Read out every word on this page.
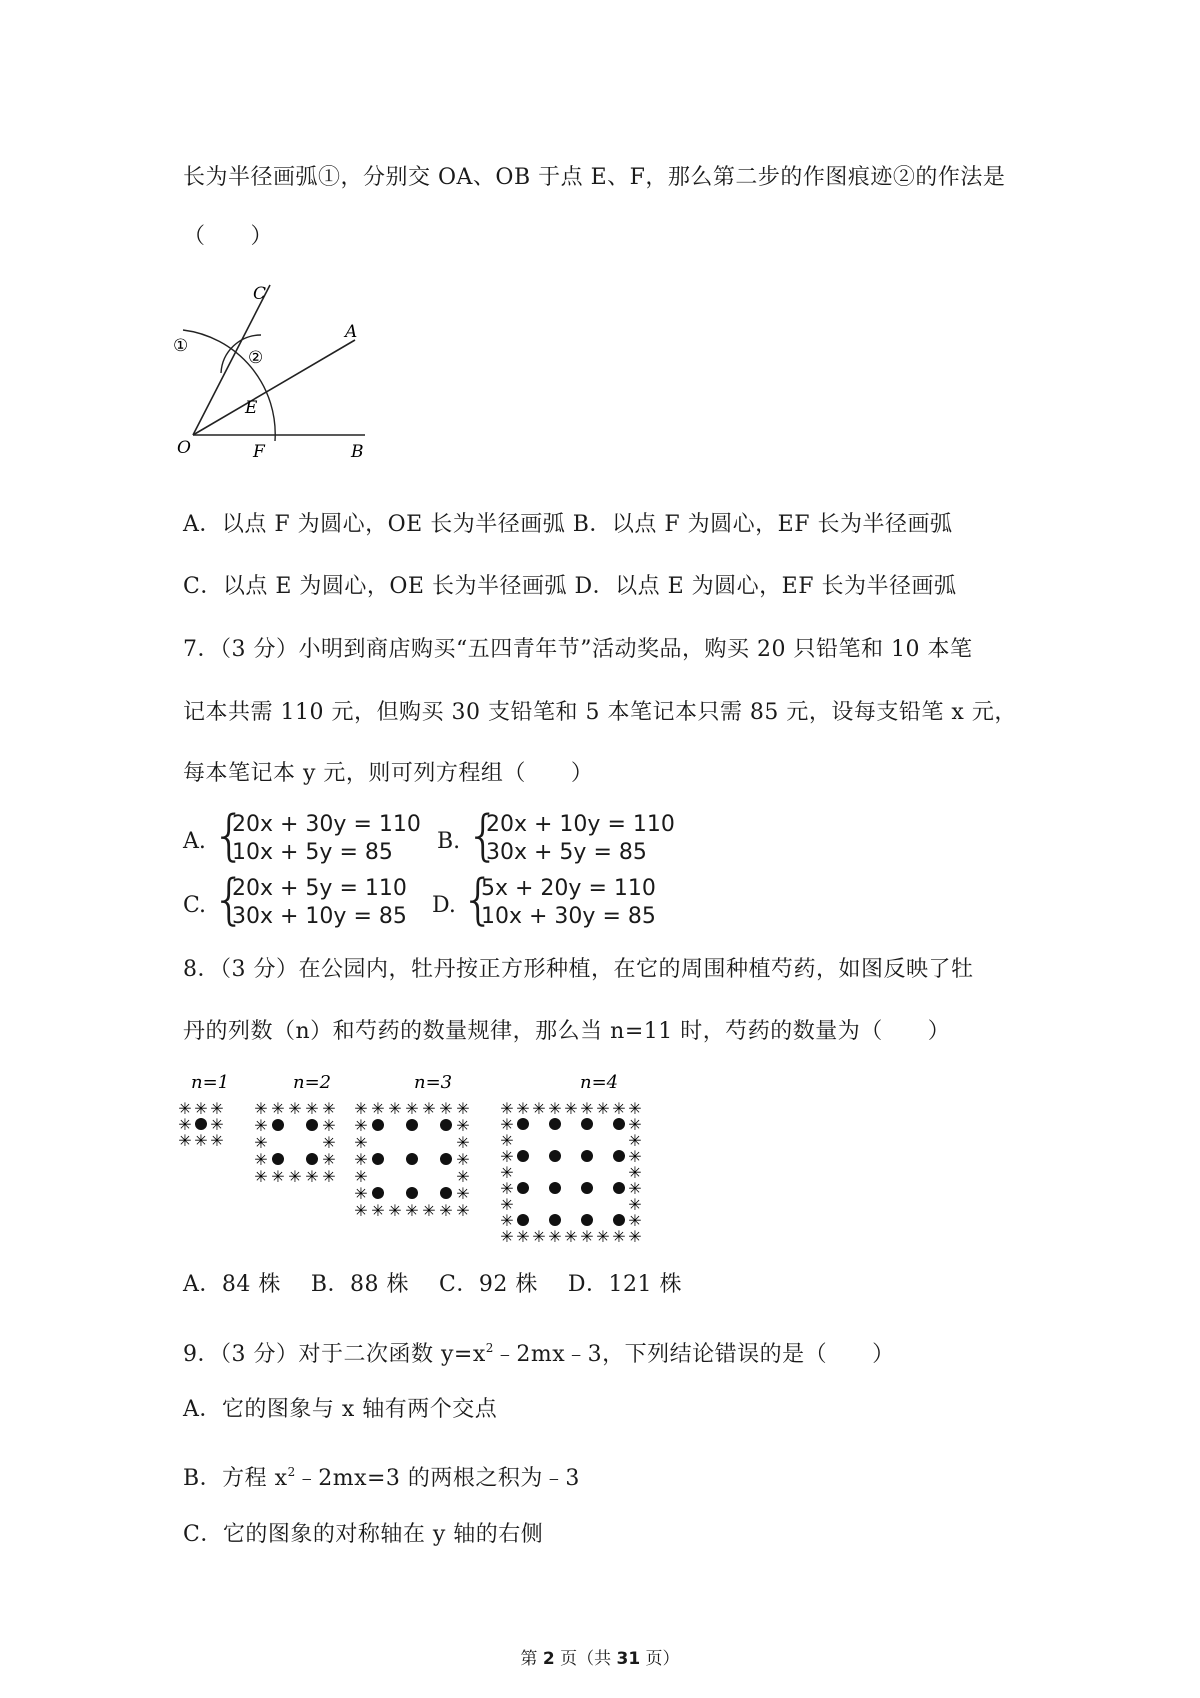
长为半径画弧①，分别交 OA、OB 于点 E、F，那么第二步的作图痕迹②的作法是
（　　）
C
A
①
②
E
O	F	B
A．以点 F 为圆心，OE 长为半径画弧 B．以点 F 为圆心，EF 长为半径画弧
C．以点 E 为圆心，OE 长为半径画弧 D．以点 E 为圆心，EF 长为半径画弧
7．（3 分）小明到商店购买“五四青年节”活动奖品，购买 20 只铅笔和 10 本笔
记本共需 110 元，但购买 30 支铅笔和 5 本笔记本只需 85 元，设每支铅笔 x 元，
每本笔记本 y 元，则可列方程组（　　）
A. {
20x + 30y = 110
10x + 5y = 85 B. {
20x + 10y = 110
30x + 5y = 85
C. {
20x + 5y = 110
30x + 10y = 85 D. {
5x + 20y = 110
10x + 30y = 85
8．（3 分）在公园内，牡丹按正方形种植，在它的周围种植芍药，如图反映了牡
丹的列数（n）和芍药的数量规律，那么当 n=11 时，芍药的数量为（　　）
n=1	n=2	n=3	n=4
✳ ✳ ✳
✳ ✳
✳ ✳ ✳
✳ ✳ ✳ ✳ ✳
✳	✳
✳	✳
✳	✳
✳ ✳ ✳ ✳ ✳
✳ ✳ ✳ ✳ ✳ ✳ ✳
✳	✳
✳	✳
✳	✳
✳	✳
✳	✳
✳ ✳ ✳ ✳ ✳ ✳ ✳
✳ ✳ ✳ ✳ ✳ ✳ ✳ ✳ ✳
✳	✳
✳	✳
✳	✳
✳	✳
✳	✳
✳	✳
✳	✳
✳ ✳ ✳ ✳ ✳ ✳ ✳ ✳ ✳
A．84 株　 B．88 株　 C．92 株　 D．121 株
9．（3 分）对于二次函数 $y=x^2﹣2mx﹣3$，下列结论错误的是（　　）
A．它的图象与 x 轴有两个交点
B．方程 $x^2﹣2mx=3$ 的两根之积为﹣3
C．它的图象的对称轴在 y 轴的右侧
第 2 页（共 31 页）
